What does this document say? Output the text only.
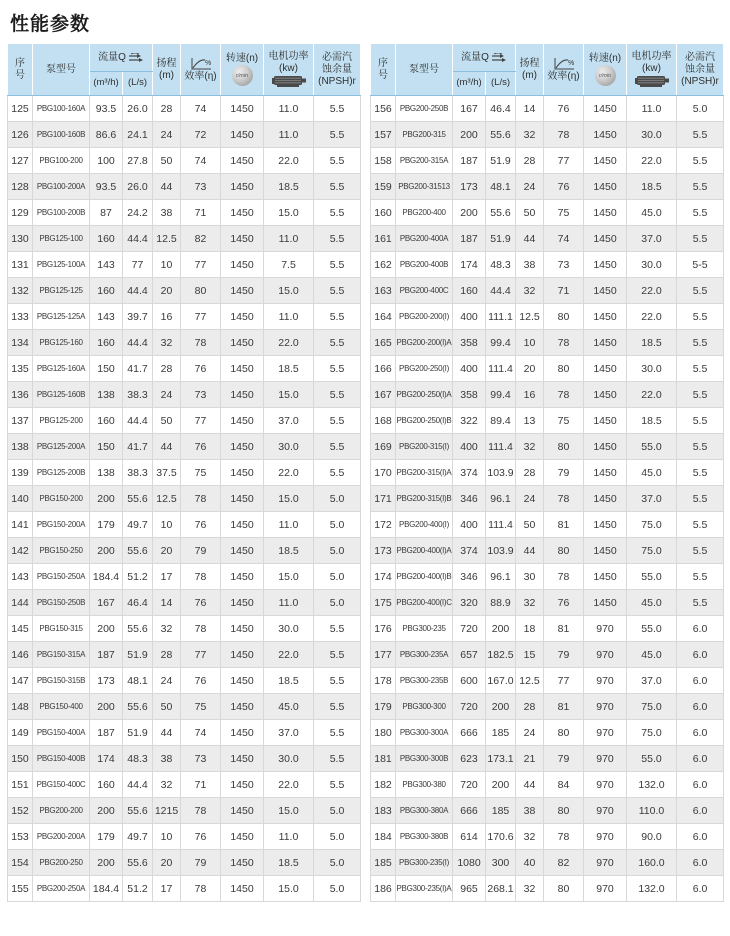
性能参数
序号	泵型号	流量Q		扬程
(m)	%
效率(η)	转速(n)
r/min	电机功率
(kw)	必需汽
蚀余量
(NPSH)r

		(m³/h)	(L/s)					
125	PBG100-160A	93.5	26.0	28	74	1450	11.0	5.5
126	PBG100-160B	86.6	24.1	24	72	1450	11.0	5.5
127	PBG100-200	100	27.8	50	74	1450	22.0	5.5
128	PBG100-200A	93.5	26.0	44	73	1450	18.5	5.5
129	PBG100-200B	87	24.2	38	71	1450	15.0	5.5
130	PBG125-100	160	44.4	12.5	82	1450	11.0	5.5
131	PBG125-100A	143	77	10	77	1450	7.5	5.5
132	PBG125-125	160	44.4	20	80	1450	15.0	5.5
133	PBG125-125A	143	39.7	16	77	1450	11.0	5.5
134	PBG125-160	160	44.4	32	78	1450	22.0	5.5
135	PBG125-160A	150	41.7	28	76	1450	18.5	5.5
136	PBG125-160B	138	38.3	24	73	1450	15.0	5.5
137	PBG125-200	160	44.4	50	77	1450	37.0	5.5
138	PBG125-200A	150	41.7	44	76	1450	30.0	5.5
139	PBG125-200B	138	38.3	37.5	75	1450	22.0	5.5
140	PBG150-200	200	55.6	12.5	78	1450	15.0	5.0
141	PBG150-200A	179	49.7	10	76	1450	11.0	5.0
142	PBG150-250	200	55.6	20	79	1450	18.5	5.0
143	PBG150-250A	184.4	51.2	17	78	1450	15.0	5.0
144	PBG150-250B	167	46.4	14	76	1450	11.0	5.0
145	PBG150-315	200	55.6	32	78	1450	30.0	5.5
146	PBG150-315A	187	51.9	28	77	1450	22.0	5.5
147	PBG150-315B	173	48.1	24	76	1450	18.5	5.5
148	PBG150-400	200	55.6	50	75	1450	45.0	5.5
149	PBG150-400A	187	51.9	44	74	1450	37.0	5.5
150	PBG150-400B	174	48.3	38	73	1450	30.0	5.5
151	PBG150-400C	160	44.4	32	71	1450	22.0	5.5
152	PBG200-200	200	55.6	1215	78	1450	15.0	5.0
153	PBG200-200A	179	49.7	10	76	1450	11.0	5.0
154	PBG200-250	200	55.6	20	79	1450	18.5	5.0
155	PBG200-250A	184.4	51.2	17	78	1450	15.0	5.0
序号	泵型号	流量Q		扬程
(m)	%
效率(η)	转速(n)
r/min	电机功率
(kw)	必需汽
蚀余量
(NPSH)r

		(m³/h)	(L/s)					
156	PBG200-250B	167	46.4	14	76	1450	11.0	5.0
157	PBG200-315	200	55.6	32	78	1450	30.0	5.5
158	PBG200-315A	187	51.9	28	77	1450	22.0	5.5
159	PBG200-31513	173	48.1	24	76	1450	18.5	5.5
160	PBG200-400	200	55.6	50	75	1450	45.0	5.5
161	PBG200-400A	187	51.9	44	74	1450	37.0	5.5
162	PBG200-400B	174	48.3	38	73	1450	30.0	5-5
163	PBG200-400C	160	44.4	32	71	1450	22.0	5.5
164	PBG200-200(I)	400	111.1	12.5	80	1450	22.0	5.5
165	PBG200-200(I)A	358	99.4	10	78	1450	18.5	5.5
166	PBG200-250(I)	400	111.4	20	80	1450	30.0	5.5
167	PBG200-250(I)A	358	99.4	16	78	1450	22.0	5.5
168	PBG200-250(I)B	322	89.4	13	75	1450	18.5	5.5
169	PBG200-315(I)	400	111.4	32	80	1450	55.0	5.5
170	PBG200-315(I)A	374	103.9	28	79	1450	45.0	5.5
171	PBG200-315(I)B	346	96.1	24	78	1450	37.0	5.5
172	PBG200-400(I)	400	111.4	50	81	1450	75.0	5.5
173	PBG200-400(I)A	374	103.9	44	80	1450	75.0	5.5
174	PBG200-400(I)B	346	96.1	30	78	1450	55.0	5.5
175	PBG200-400(I)C	320	88.9	32	76	1450	45.0	5.5
176	PBG300-235	720	200	18	81	970	55.0	6.0
177	PBG300-235A	657	182.5	15	79	970	45.0	6.0
178	PBG300-235B	600	167.0	12.5	77	970	37.0	6.0
179	PBG300-300	720	200	28	81	970	75.0	6.0
180	PBG300-300A	666	185	24	80	970	75.0	6.0
181	PBG300-300B	623	173.1	21	79	970	55.0	6.0
182	PBG300-380	720	200	44	84	970	132.0	6.0
183	PBG300-380A	666	185	38	80	970	110.0	6.0
184	PBG300-380B	614	170.6	32	78	970	90.0	6.0
185	PBG300-235(I)	1080	300	40	82	970	160.0	6.0
186	PBG300-235(I)A	965	268.1	32	80	970	132.0	6.0
